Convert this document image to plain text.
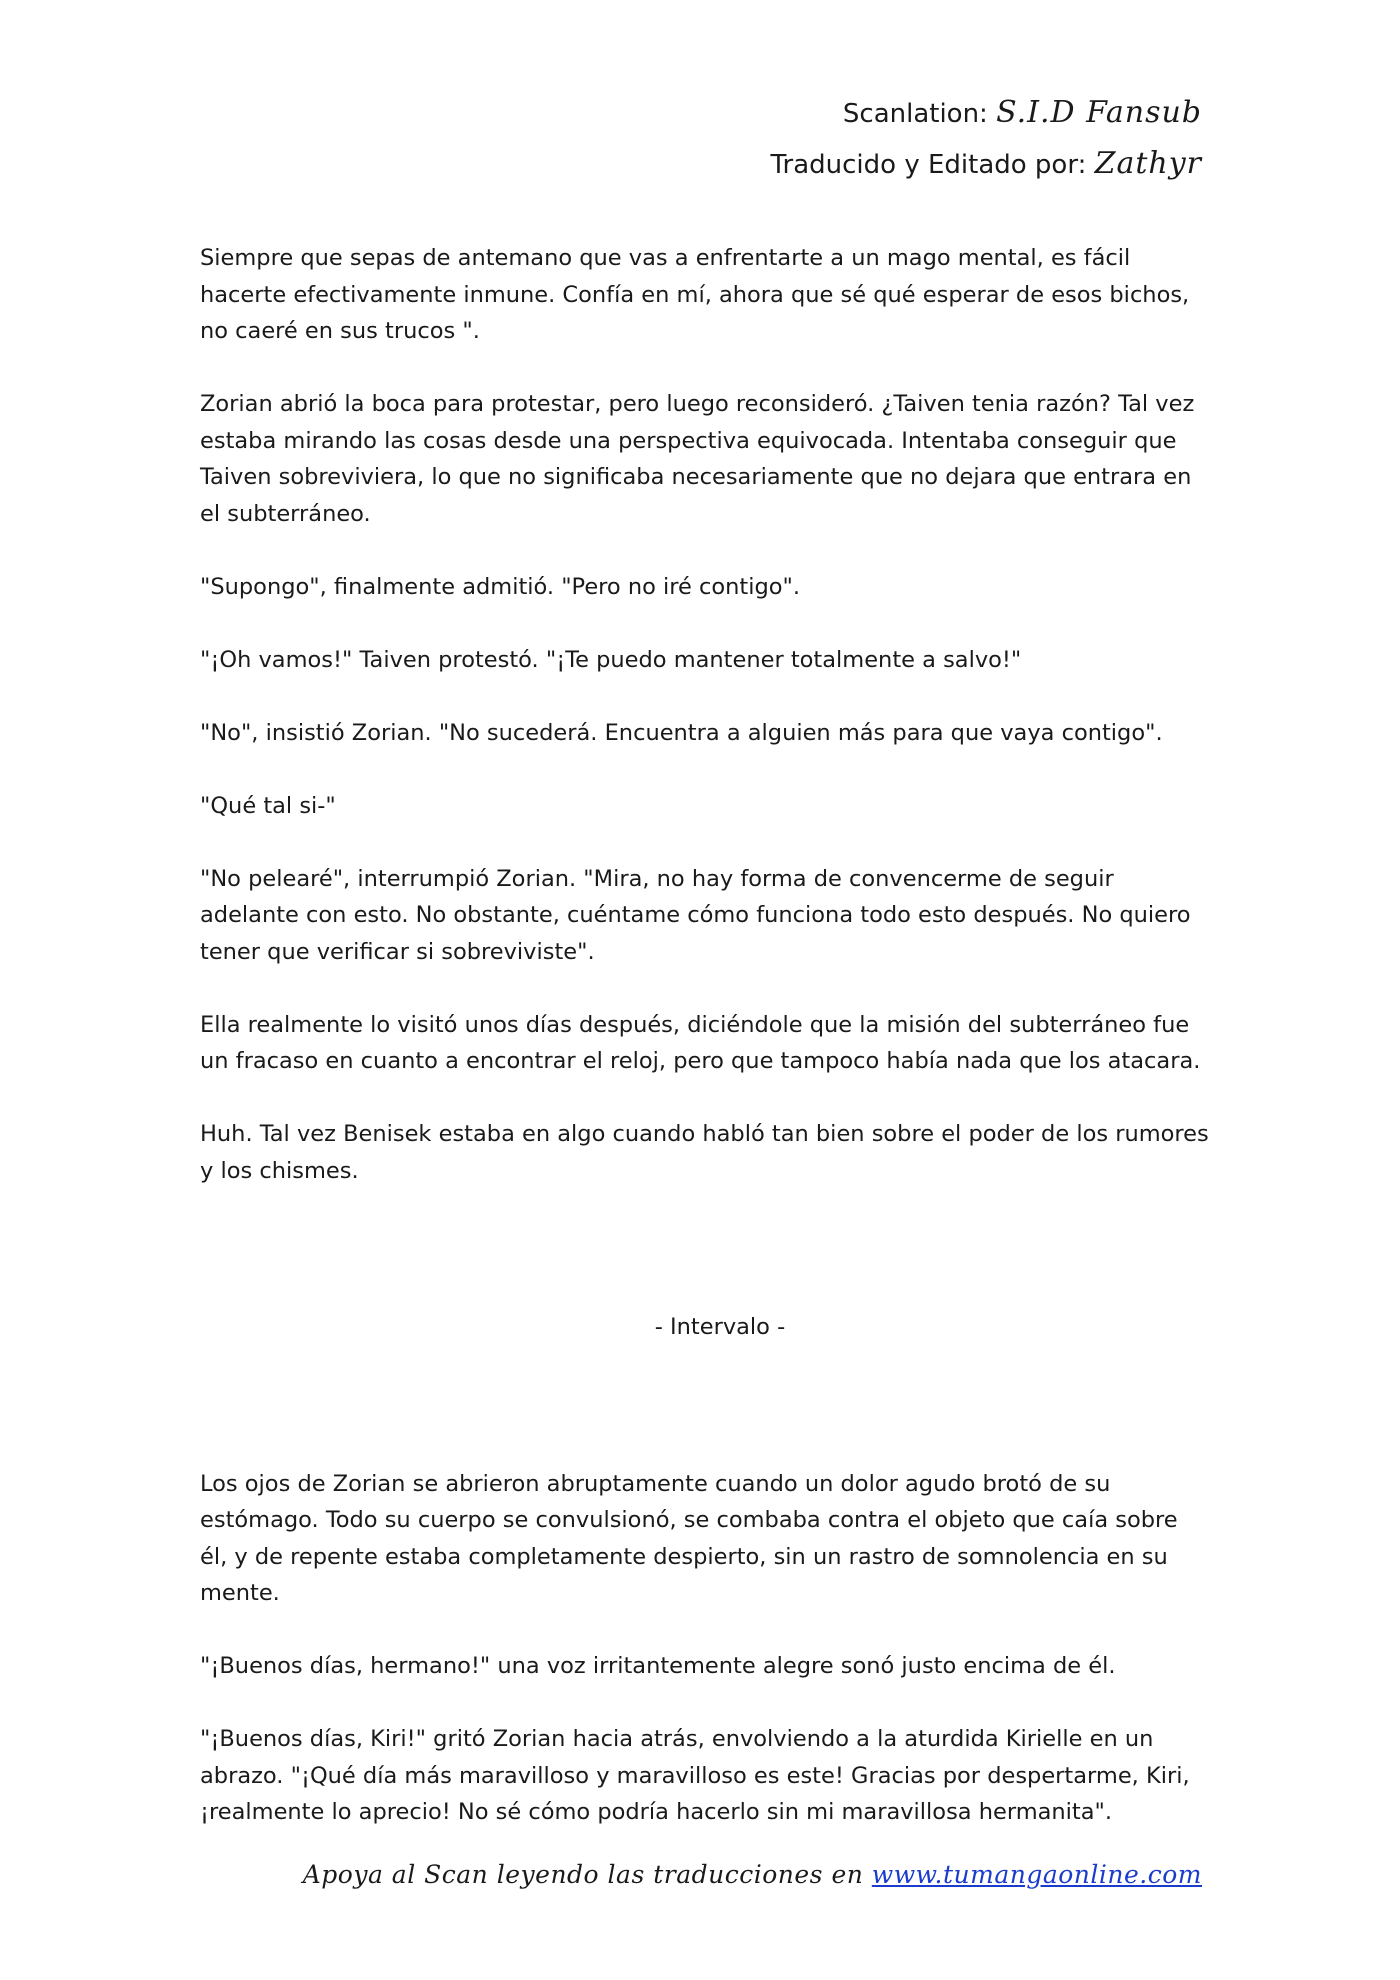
Scanlation: S.I.D Fansub
Traducido y Editado por: Zathyr

Siempre que sepas de antemano que vas a enfrentarte a un mago mental, es fácil hacerte efectivamente inmune. Confía en mí, ahora que sé qué esperar de esos bichos, no caeré en sus trucos ".

Zorian abrió la boca para protestar, pero luego reconsideró. ¿Taiven tenia razón? Tal vez estaba mirando las cosas desde una perspectiva equivocada. Intentaba conseguir que Taiven sobreviviera, lo que no significaba necesariamente que no dejara que entrara en el subterráneo.

"Supongo", finalmente admitió. "Pero no iré contigo".

"¡Oh vamos!" Taiven protestó. "¡Te puedo mantener totalmente a salvo!"

"No", insistió Zorian. "No sucederá. Encuentra a alguien más para que vaya contigo".

"Qué tal si-"

"No pelearé", interrumpió Zorian. "Mira, no hay forma de convencerme de seguir adelante con esto. No obstante, cuéntame cómo funciona todo esto después. No quiero tener que verificar si sobreviviste".

Ella realmente lo visitó unos días después, diciéndole que la misión del subterráneo fue un fracaso en cuanto a encontrar el reloj, pero que tampoco había nada que los atacara.

Huh. Tal vez Benisek estaba en algo cuando habló tan bien sobre el poder de los rumores y los chismes.

- Intervalo -

Los ojos de Zorian se abrieron abruptamente cuando un dolor agudo brotó de su estómago. Todo su cuerpo se convulsionó, se combaba contra el objeto que caía sobre él, y de repente estaba completamente despierto, sin un rastro de somnolencia en su mente.

"¡Buenos días, hermano!" una voz irritantemente alegre sonó justo encima de él.

"¡Buenos días, Kiri!" gritó Zorian hacia atrás, envolviendo a la aturdida Kirielle en un abrazo. "¡Qué día más maravilloso y maravilloso es este! Gracias por despertarme, Kiri, ¡realmente lo aprecio! No sé cómo podría hacerlo sin mi maravillosa hermanita".

Apoya al Scan leyendo las traducciones en www.tumangaonline.com
